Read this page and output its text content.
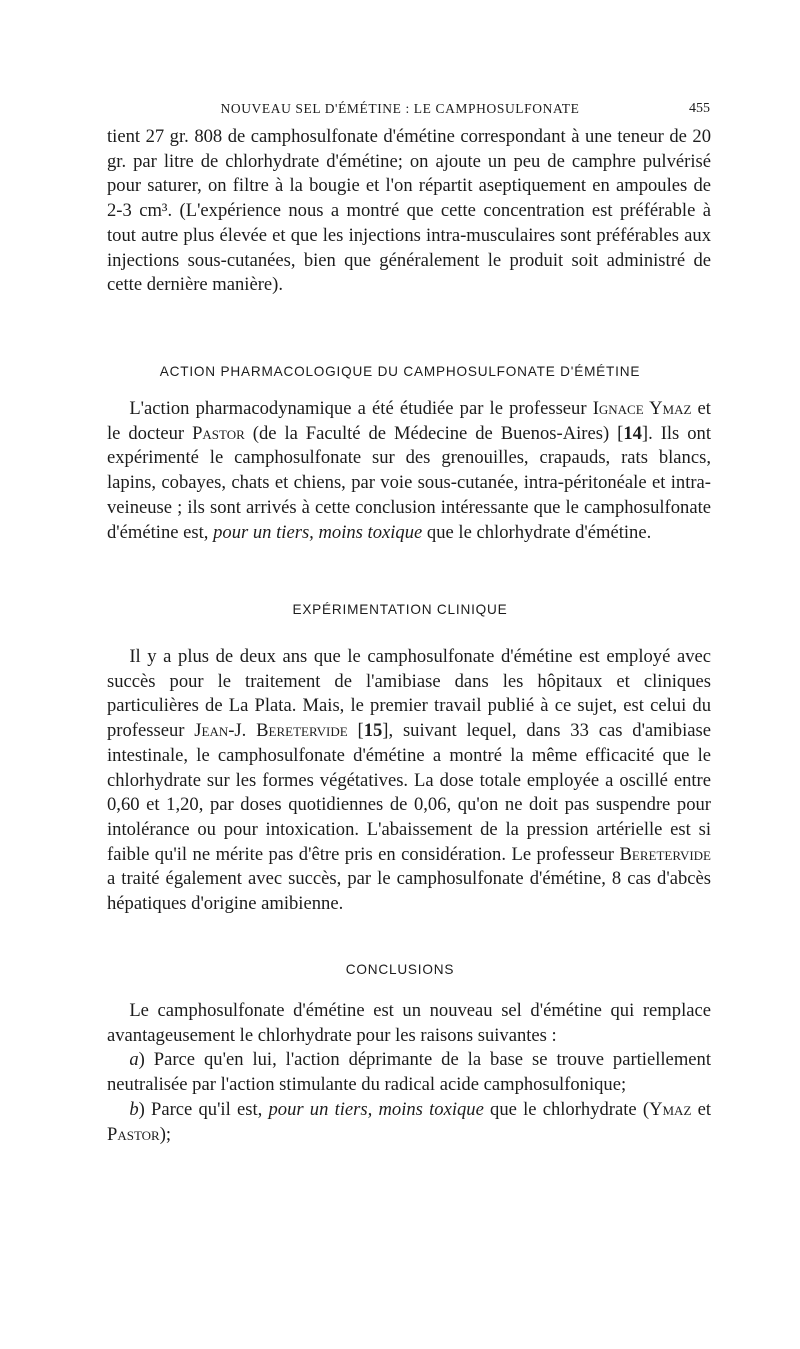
NOUVEAU SEL D'ÉMÉTINE : LE CAMPHOSULFONATE	455

tient 27 gr. 808 de camphosulfonate d'émétine correspondant à une teneur de 20 gr. par litre de chlorhydrate d'émétine; on ajoute un peu de camphre pulvérisé pour saturer, on filtre à la bougie et l'on répartit aseptiquement en ampoules de 2-3 cm³. (L'expérience nous a montré que cette concentration est préférable à tout autre plus élevée et que les injections intra-musculaires sont préférables aux injections sous-cutanées, bien que généralement le produit soit administré de cette dernière manière).

ACTION PHARMACOLOGIQUE DU CAMPHOSULFONATE D'ÉMÉTINE

L'action pharmacodynamique a été étudiée par le professeur Ignace Ymaz et le docteur Pastor (de la Faculté de Médecine de Buenos-Aires) [14]. Ils ont expérimenté le camphosulfonate sur des grenouilles, crapauds, rats blancs, lapins, cobayes, chats et chiens, par voie sous-cutanée, intra-péritonéale et intra-veineuse ; ils sont arrivés à cette conclusion intéressante que le camphosulfonate d'émétine est, pour un tiers, moins toxique que le chlorhydrate d'émétine.

EXPÉRIMENTATION CLINIQUE

Il y a plus de deux ans que le camphosulfonate d'émétine est employé avec succès pour le traitement de l'amibiase dans les hôpitaux et cliniques particulières de La Plata. Mais, le premier travail publié à ce sujet, est celui du professeur Jean-J. Beretervide [15], suivant lequel, dans 33 cas d'amibiase intestinale, le camphosulfonate d'émétine a montré la même efficacité que le chlorhydrate sur les formes végétatives. La dose totale employée a oscillé entre 0,60 et 1,20, par doses quotidiennes de 0,06, qu'on ne doit pas suspendre pour intolérance ou pour intoxication. L'abaissement de la pression artérielle est si faible qu'il ne mérite pas d'être pris en considération. Le professeur Beretervide a traité également avec succès, par le camphosulfonate d'émétine, 8 cas d'abcès hépatiques d'origine amibienne.

CONCLUSIONS

Le camphosulfonate d'émétine est un nouveau sel d'émétine qui remplace avantageusement le chlorhydrate pour les raisons suivantes :

a) Parce qu'en lui, l'action déprimante de la base se trouve partiellement neutralisée par l'action stimulante du radical acide camphosulfonique;

b) Parce qu'il est, pour un tiers, moins toxique que le chlorhydrate (Ymaz et Pastor);
